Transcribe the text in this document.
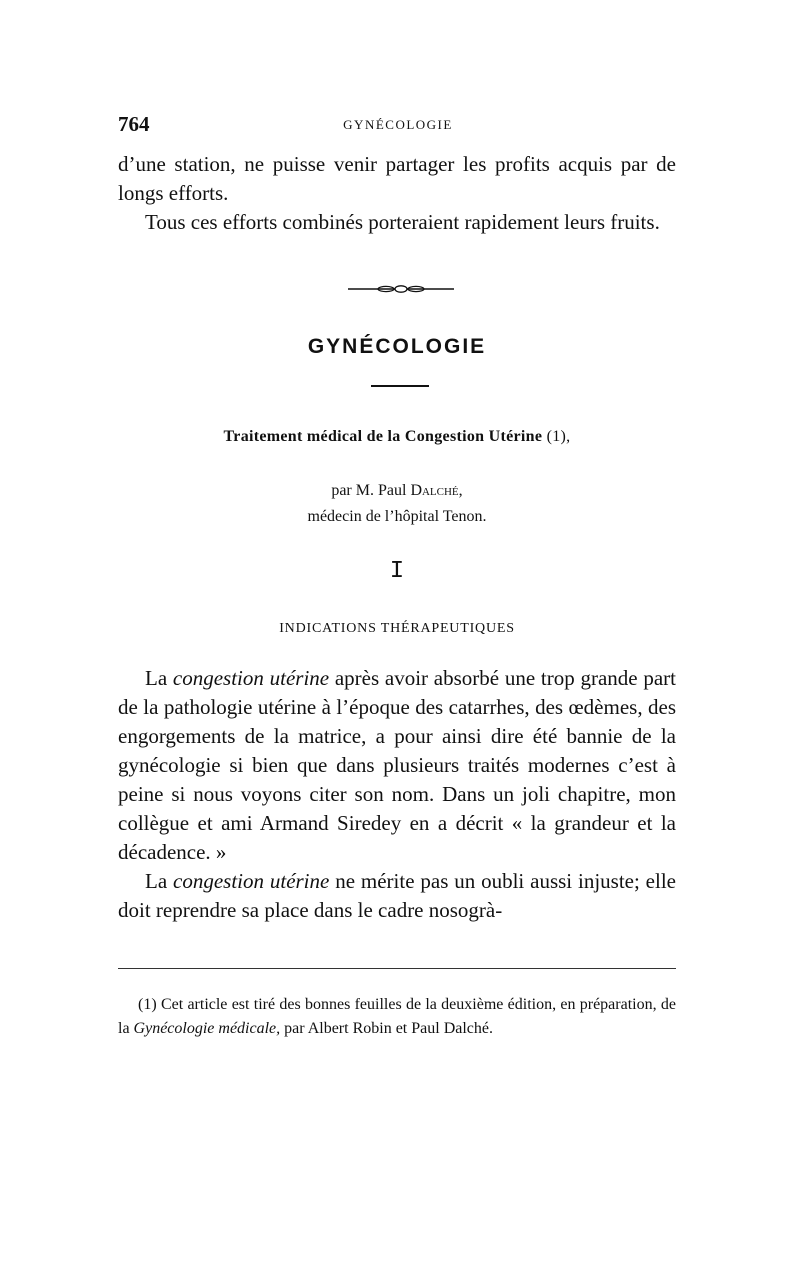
764	GYNÉCOLOGIE

d’une station, ne puisse venir partager les profits acquis par de longs efforts.

Tous ces efforts combinés porteraient rapidement leurs fruits.

GYNÉCOLOGIE
Traitement médical de la Congestion Utérine (1),
par M. Paul Dalché,
médecin de l’hôpital Tenon.
I
INDICATIONS THÉRAPEUTIQUES

La congestion utérine après avoir absorbé une trop grande part de la pathologie utérine à l’époque des catarrhes, des œdèmes, des engorgements de la matrice, a pour ainsi dire été bannie de la gynécologie si bien que dans plusieurs traités modernes c’est à peine si nous voyons citer son nom. Dans un joli chapitre, mon collègue et ami Armand Siredey en a décrit « la grandeur et la décadence. »

La congestion utérine ne mérite pas un oubli aussi injuste; elle doit reprendre sa place dans le cadre nosogrà-

(1) Cet article est tiré des bonnes feuilles de la deuxième édition, en préparation, de la Gynécologie médicale, par Albert Robin et Paul Dalché.
